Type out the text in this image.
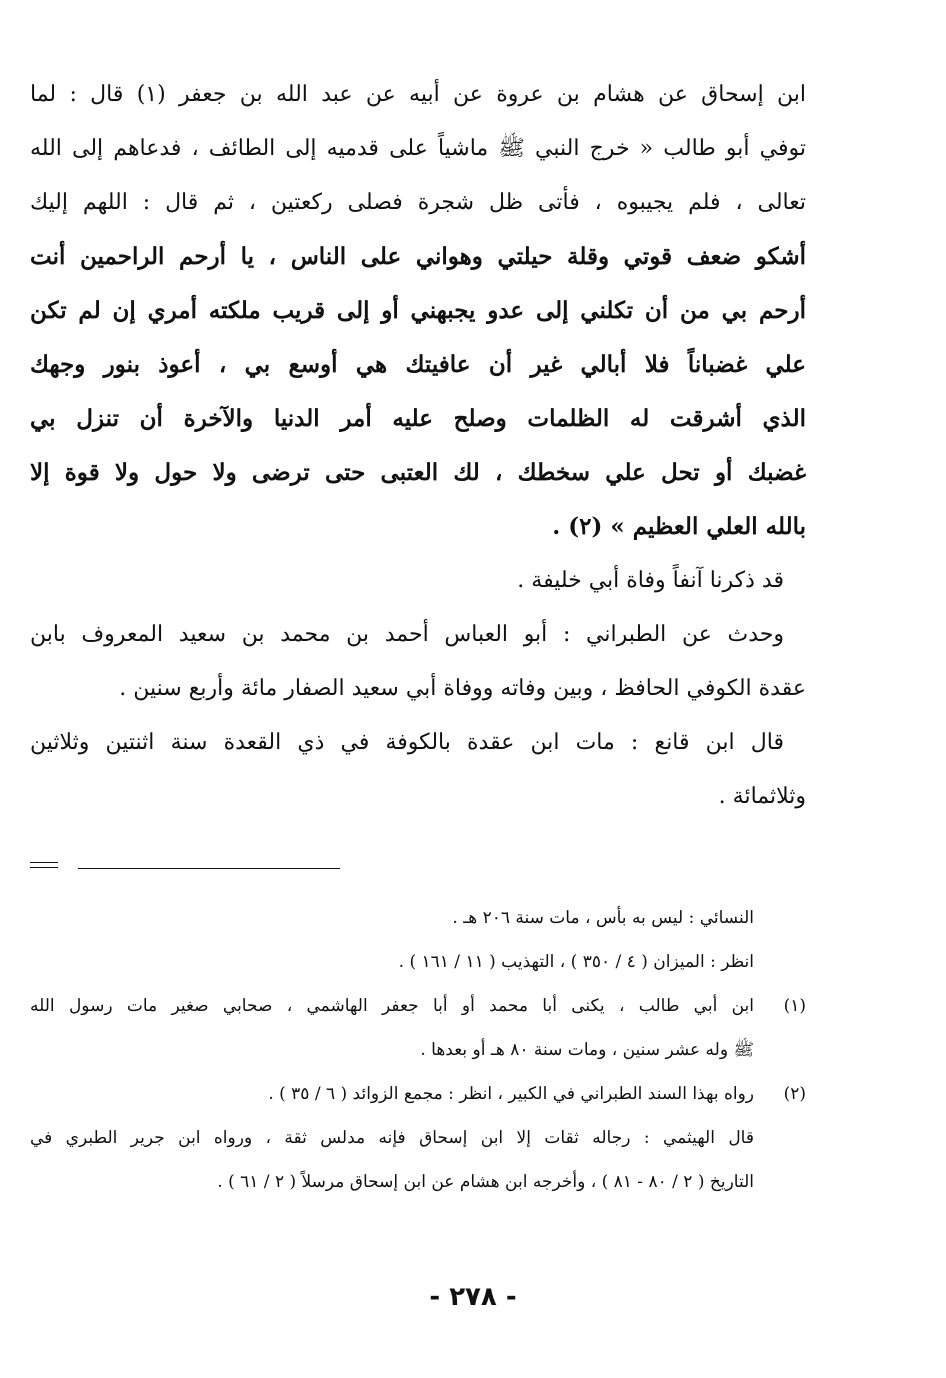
ابن إسحاق عن هشام بن عروة عن أبيه عن عبد الله بن جعفر (١) قال : لما
توفي أبو طالب « خرج النبي ﷺ ماشياً على قدميه إلى الطائف ، فدعاهم إلى الله
تعالى ، فلم يجيبوه ، فأتى ظل شجرة فصلى ركعتين ، ثم قال : اللهم إليك
أشكو ضعف قوتي وقلة حيلتي وهواني على الناس ، يا أرحم الراحمين أنت
أرحم بي من أن تكلني إلى عدو يجبهني أو إلى قريب ملكته أمري إن لم تكن
علي غضباناً فلا أبالي غير أن عافيتك هي أوسع بي ، أعوذ بنور وجهك
الذي أشرقت له الظلمات وصلح عليه أمر الدنيا والآخرة أن تنزل بي
غضبك أو تحل علي سخطك ، لك العتبى حتى ترضى ولا حول ولا قوة إلا
بالله العلي العظيم » (٢) .
قد ذكرنا آنفاً وفاة أبي خليفة .
وحدث عن الطبراني : أبو العباس أحمد بن محمد بن سعيد المعروف بابن
عقدة الكوفي الحافظ ، وبين وفاته ووفاة أبي سعيد الصفار مائة وأربع سنين .
قال ابن قانع : مات ابن عقدة بالكوفة في ذي القعدة سنة اثنتين وثلاثين
وثلاثمائة .
النسائي : ليس به بأس ، مات سنة ٢٠٦ هـ .
انظر : الميزان ( ٤ / ٣٥٠ ) ، التهذيب ( ١١ / ١٦١ ) .
(١)
ابن أبي طالب ، يكنى أبا محمد أو أبا جعفر الهاشمي ، صحابي صغير مات رسول الله
ﷺ وله عشر سنين ، ومات سنة ٨٠ هـ أو بعدها .
(٢)
رواه بهذا السند الطبراني في الكبير ، انظر : مجمع الزوائد ( ٦ / ٣٥ ) .
قال الهيثمي : رجاله ثقات إلا ابن إسحاق فإنه مدلس ثقة ، ورواه ابن جرير الطبري في
التاريخ ( ٢ / ٨٠ - ٨١ ) ، وأخرجه ابن هشام عن ابن إسحاق مرسلاً ( ٢ / ٦١ ) .
- ٢٧٨ -
